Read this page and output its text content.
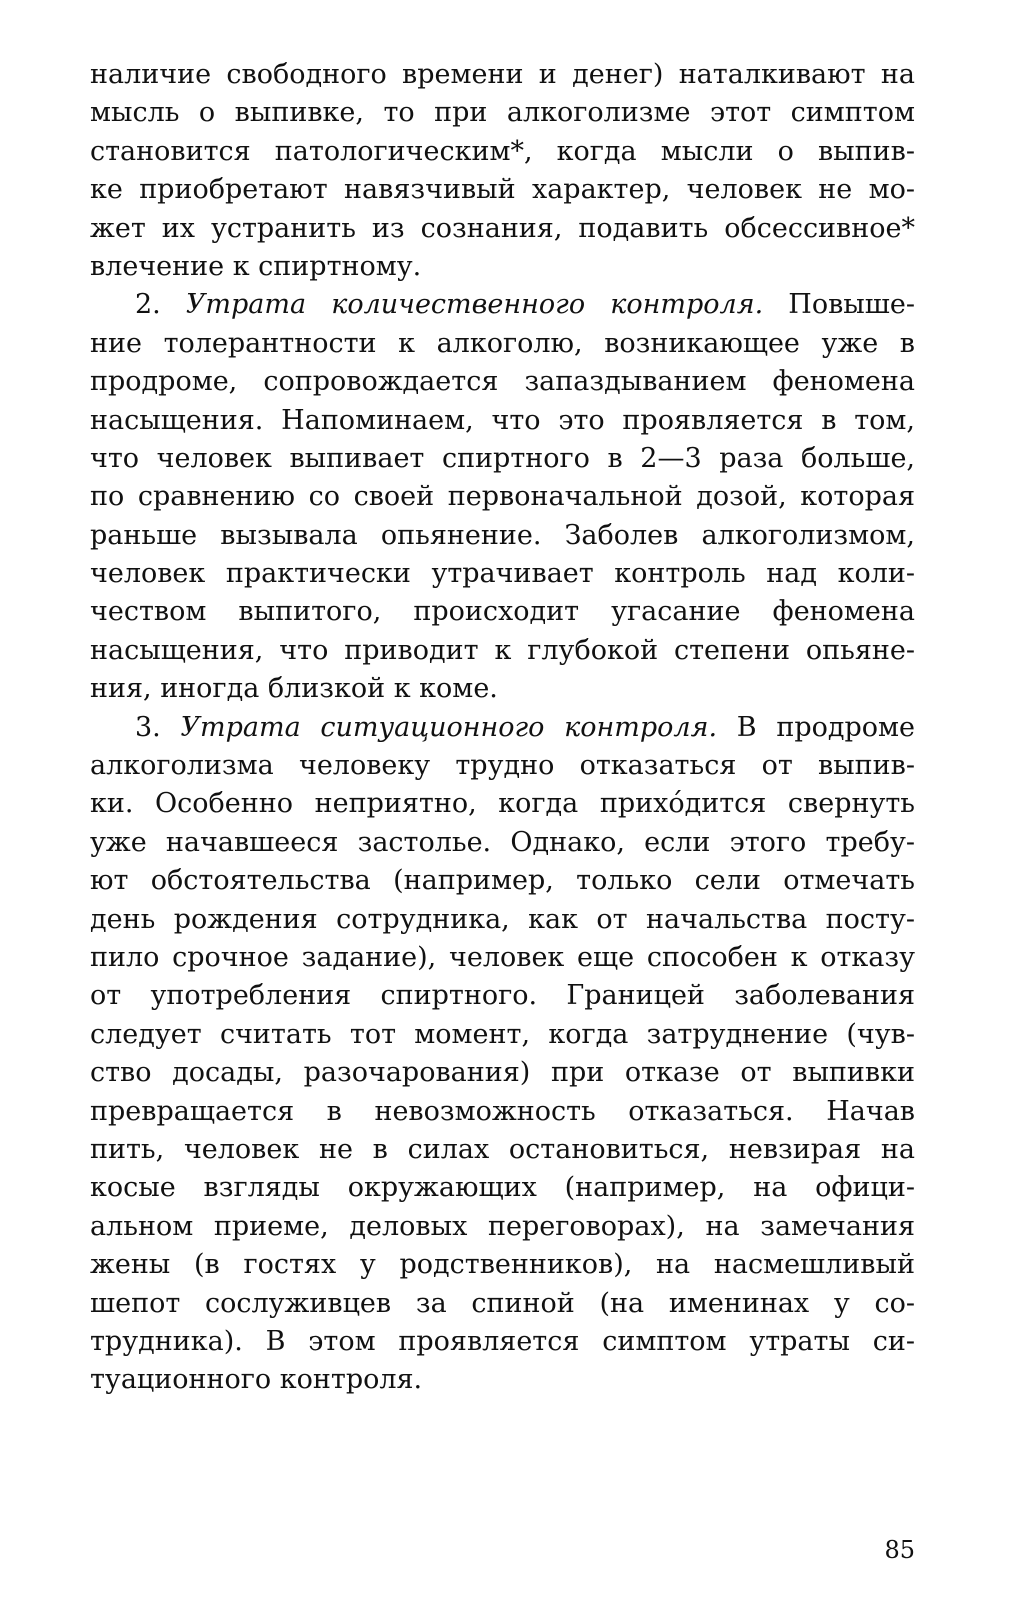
наличие свободного времени и денег) наталкивают на
мысль о выпивке, то при алкоголизме этот симптом
становится патологическим*, когда мысли о выпив-
ке приобретают навязчивый характер, человек не мо-
жет их устранить из сознания, подавить обсессивное*
влечение к спиртному.
2. Утрата количественного контроля. Повыше-
ние толерантности к алкоголю, возникающее уже в
продроме, сопровождается запаздыванием феномена
насыщения. Напоминаем, что это проявляется в том,
что человек выпивает спиртного в 2—3 раза больше,
по сравнению со своей первоначальной дозой, которая
раньше вызывала опьянение. Заболев алкоголизмом,
человек практически утрачивает контроль над коли-
чеством выпитого, происходит угасание феномена
насыщения, что приводит к глубокой степени опьяне-
ния, иногда близкой к коме.
3. Утрата ситуационного контроля. В продроме
алкоголизма человеку трудно отказаться от выпив-
ки. Особенно неприятно, когда прихо́дится свернуть
уже начавшееся застолье. Однако, если этого требу-
ют обстоятельства (например, только сели отмечать
день рождения сотрудника, как от начальства посту-
пило срочное задание), человек еще способен к отказу
от употребления спиртного. Границей заболевания
следует считать тот момент, когда затруднение (чув-
ство досады, разочарования) при отказе от выпивки
превращается в невозможность отказаться. Начав
пить, человек не в силах остановиться, невзирая на
косые взгляды окружающих (например, на офици-
альном приеме, деловых переговорах), на замечания
жены (в гостях у родственников), на насмешливый
шепот сослуживцев за спиной (на именинах у со-
трудника). В этом проявляется симптом утраты си-
туационного контроля.
85
